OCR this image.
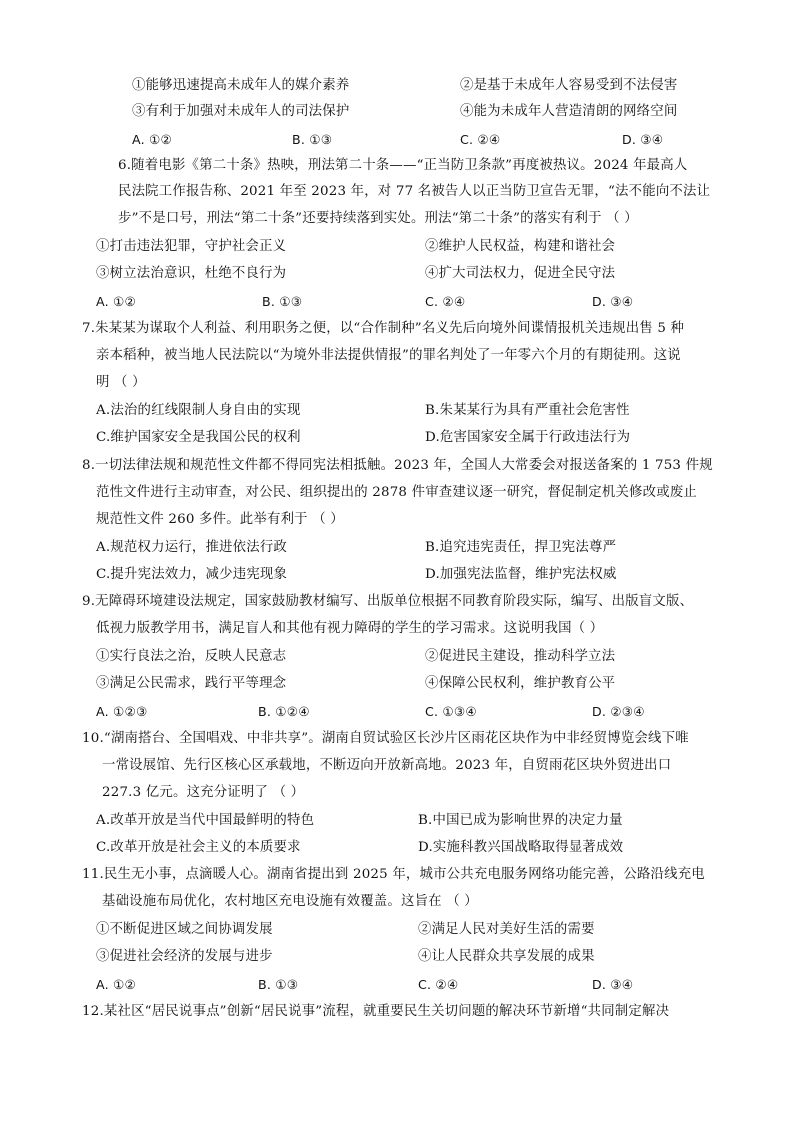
①能够迅速提高未成年人的媒介素养	②是基于未成年人容易受到不法侵害
③有利于加强对未成年人的司法保护	④能为未成年人营造清朗的网络空间
A. ①②	B. ①③	C. ②④	D. ③④
6.随着电影《第二十条》热映，刑法第二十条——“正当防卫条款”再度被热议。2024 年最高人
民法院工作报告称、2021 年至 2023 年，对 77 名被告人以正当防卫宣告无罪，“法不能向不法让
步”不是口号，刑法“第二十条”还要持续落到实处。刑法“第二十条”的落实有利于 （ ）
①打击违法犯罪，守护社会正义	②维护人民权益，构建和谐社会
③树立法治意识，杜绝不良行为	④扩大司法权力，促进全民守法
A. ①②	B. ①③	C. ②④	D. ③④
7.朱某某为谋取个人利益、利用职务之便，以“合作制种”名义先后向境外间谍情报机关违规出售 5 种
亲本稻种，被当地人民法院以“为境外非法提供情报”的罪名判处了一年零六个月的有期徒刑。这说
明 （ ）
A.法治的红线限制人身自由的实现	B.朱某某行为具有严重社会危害性
C.维护国家安全是我国公民的权利	D.危害国家安全属于行政违法行为
8.一切法律法规和规范性文件都不得同宪法相抵触。2023 年，全国人大常委会对报送备案的 1 753 件规
范性文件进行主动审查，对公民、组织提出的 2878 件审查建议逐一研究，督促制定机关修改或废止
规范性文件 260 多件。此举有利于 （ ）
A.规范权力运行，推进依法行政	B.追究违宪责任，捍卫宪法尊严
C.提升宪法效力，减少违宪现象	D.加强宪法监督，维护宪法权威
9.无障碍环境建设法规定，国家鼓励教材编写、出版单位根据不同教育阶段实际，编写、出版盲文版、
低视力版教学用书，满足盲人和其他有视力障碍的学生的学习需求。这说明我国（ ）
①实行良法之治，反映人民意志	②促进民主建设，推动科学立法
③满足公民需求，践行平等理念	④保障公民权利，维护教育公平
A. ①②③	B. ①②④	C. ①③④	D. ②③④
10.“湖南搭台、全国唱戏、中非共享”。湖南自贸试验区长沙片区雨花区块作为中非经贸博览会线下唯
一常设展馆、先行区核心区承载地，不断迈向开放新高地。2023 年，自贸雨花区块外贸进出口
227.3 亿元。这充分证明了 （ ）
A.改革开放是当代中国最鲜明的特色	B.中国已成为影响世界的决定力量
C.改革开放是社会主义的本质要求	D.实施科教兴国战略取得显著成效
11.民生无小事，点滴暖人心。湖南省提出到 2025 年，城市公共充电服务网络功能完善，公路沿线充电
基础设施布局优化，农村地区充电设施有效覆盖。这旨在 （ ）
①不断促进区域之间协调发展	②满足人民对美好生活的需要
③促进社会经济的发展与进步	④让人民群众共享发展的成果
A. ①②	B. ①③	C. ②④	D. ③④
12.某社区“居民说事点”创新“居民说事”流程，就重要民生关切问题的解决环节新增“共同制定解决
